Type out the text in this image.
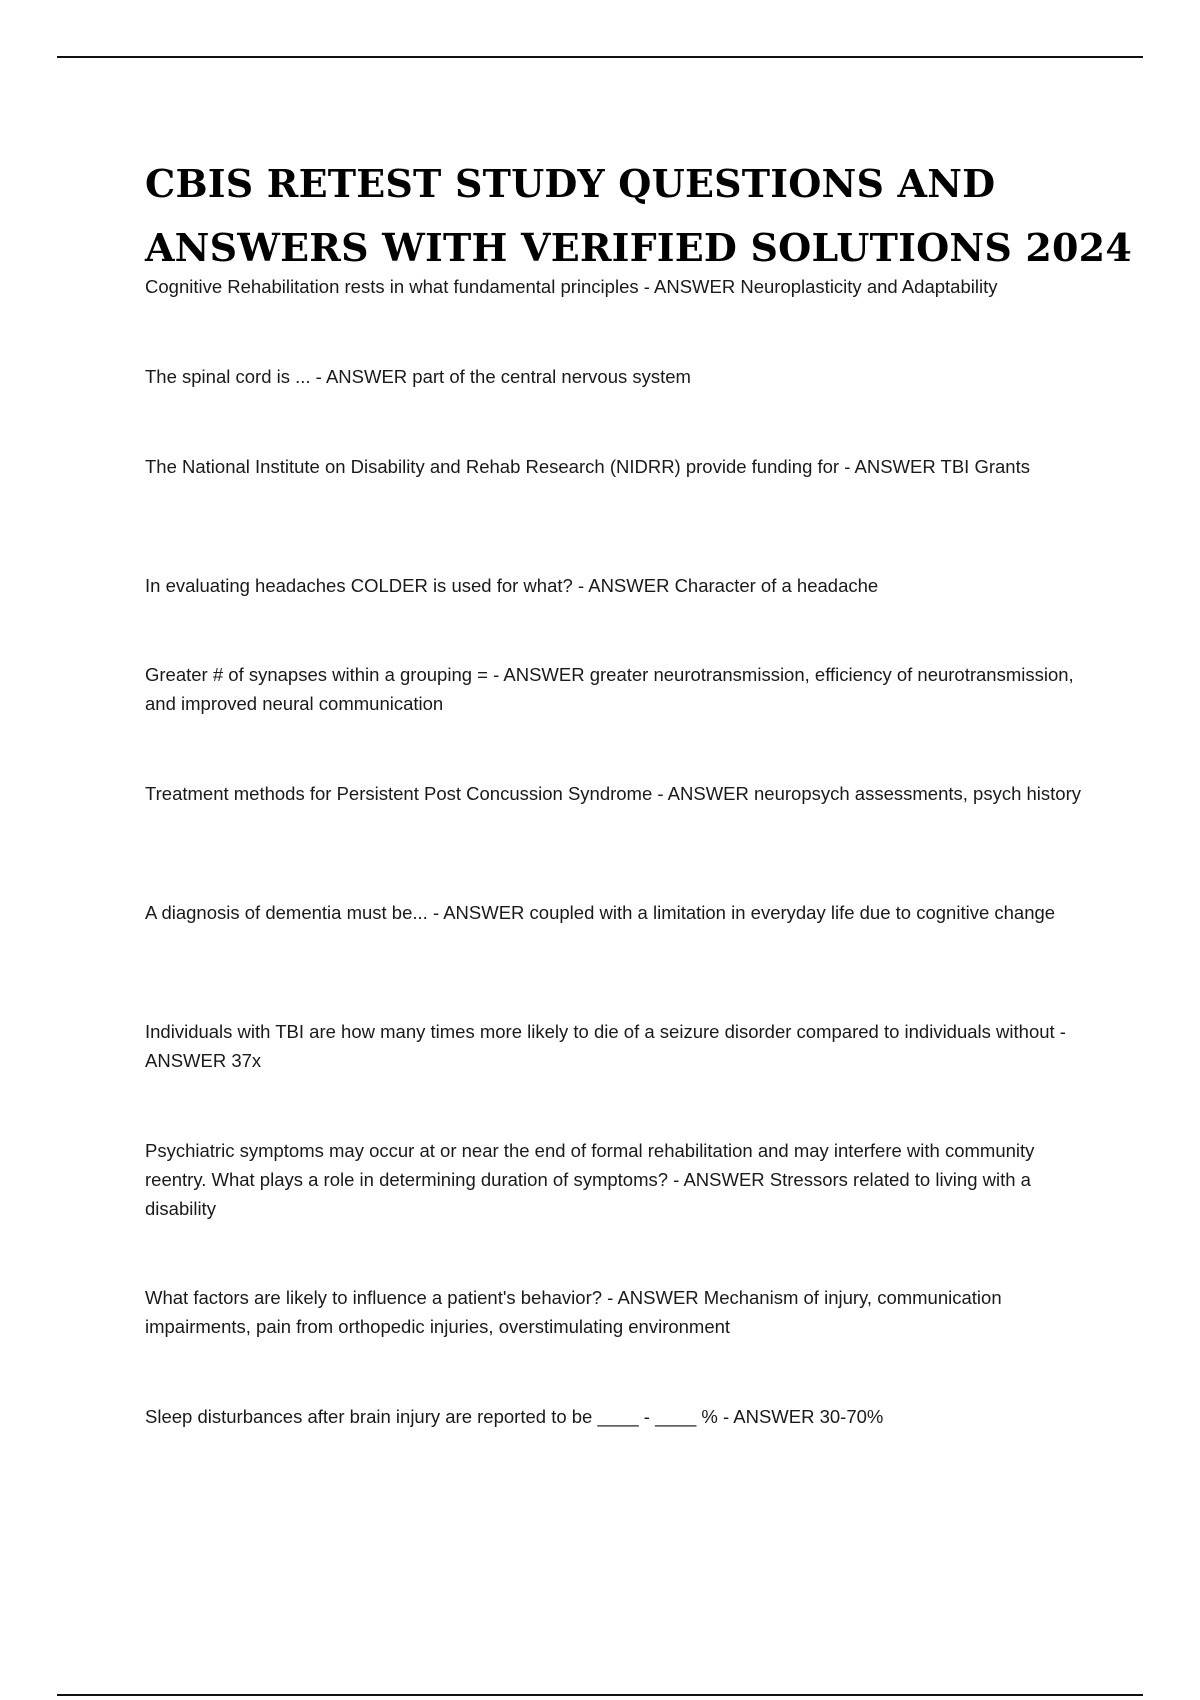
CBIS RETEST STUDY QUESTIONS AND ANSWERS WITH VERIFIED SOLUTIONS 2024

Cognitive Rehabilitation rests in what fundamental principles - ANSWER Neuroplasticity and Adaptability

The spinal cord is ... - ANSWER part of the central nervous system

The National Institute on Disability and Rehab Research (NIDRR) provide funding for - ANSWER TBI Grants

In evaluating headaches COLDER is used for what? - ANSWER Character of a headache

Greater # of synapses within a grouping = - ANSWER greater neurotransmission, efficiency of neurotransmission, and improved neural communication

Treatment methods for Persistent Post Concussion Syndrome - ANSWER neuropsych assessments, psych history

A diagnosis of dementia must be... - ANSWER coupled with a limitation in everyday life due to cognitive change

Individuals with TBI are how many times more likely to die of a seizure disorder compared to individuals without - ANSWER 37x

Psychiatric symptoms may occur at or near the end of formal rehabilitation and may interfere with community reentry. What plays a role in determining duration of symptoms? - ANSWER Stressors related to living with a disability

What factors are likely to influence a patient's behavior? - ANSWER Mechanism of injury, communication impairments, pain from orthopedic injuries, overstimulating environment

Sleep disturbances after brain injury are reported to be ____ - ____ % - ANSWER 30-70%
